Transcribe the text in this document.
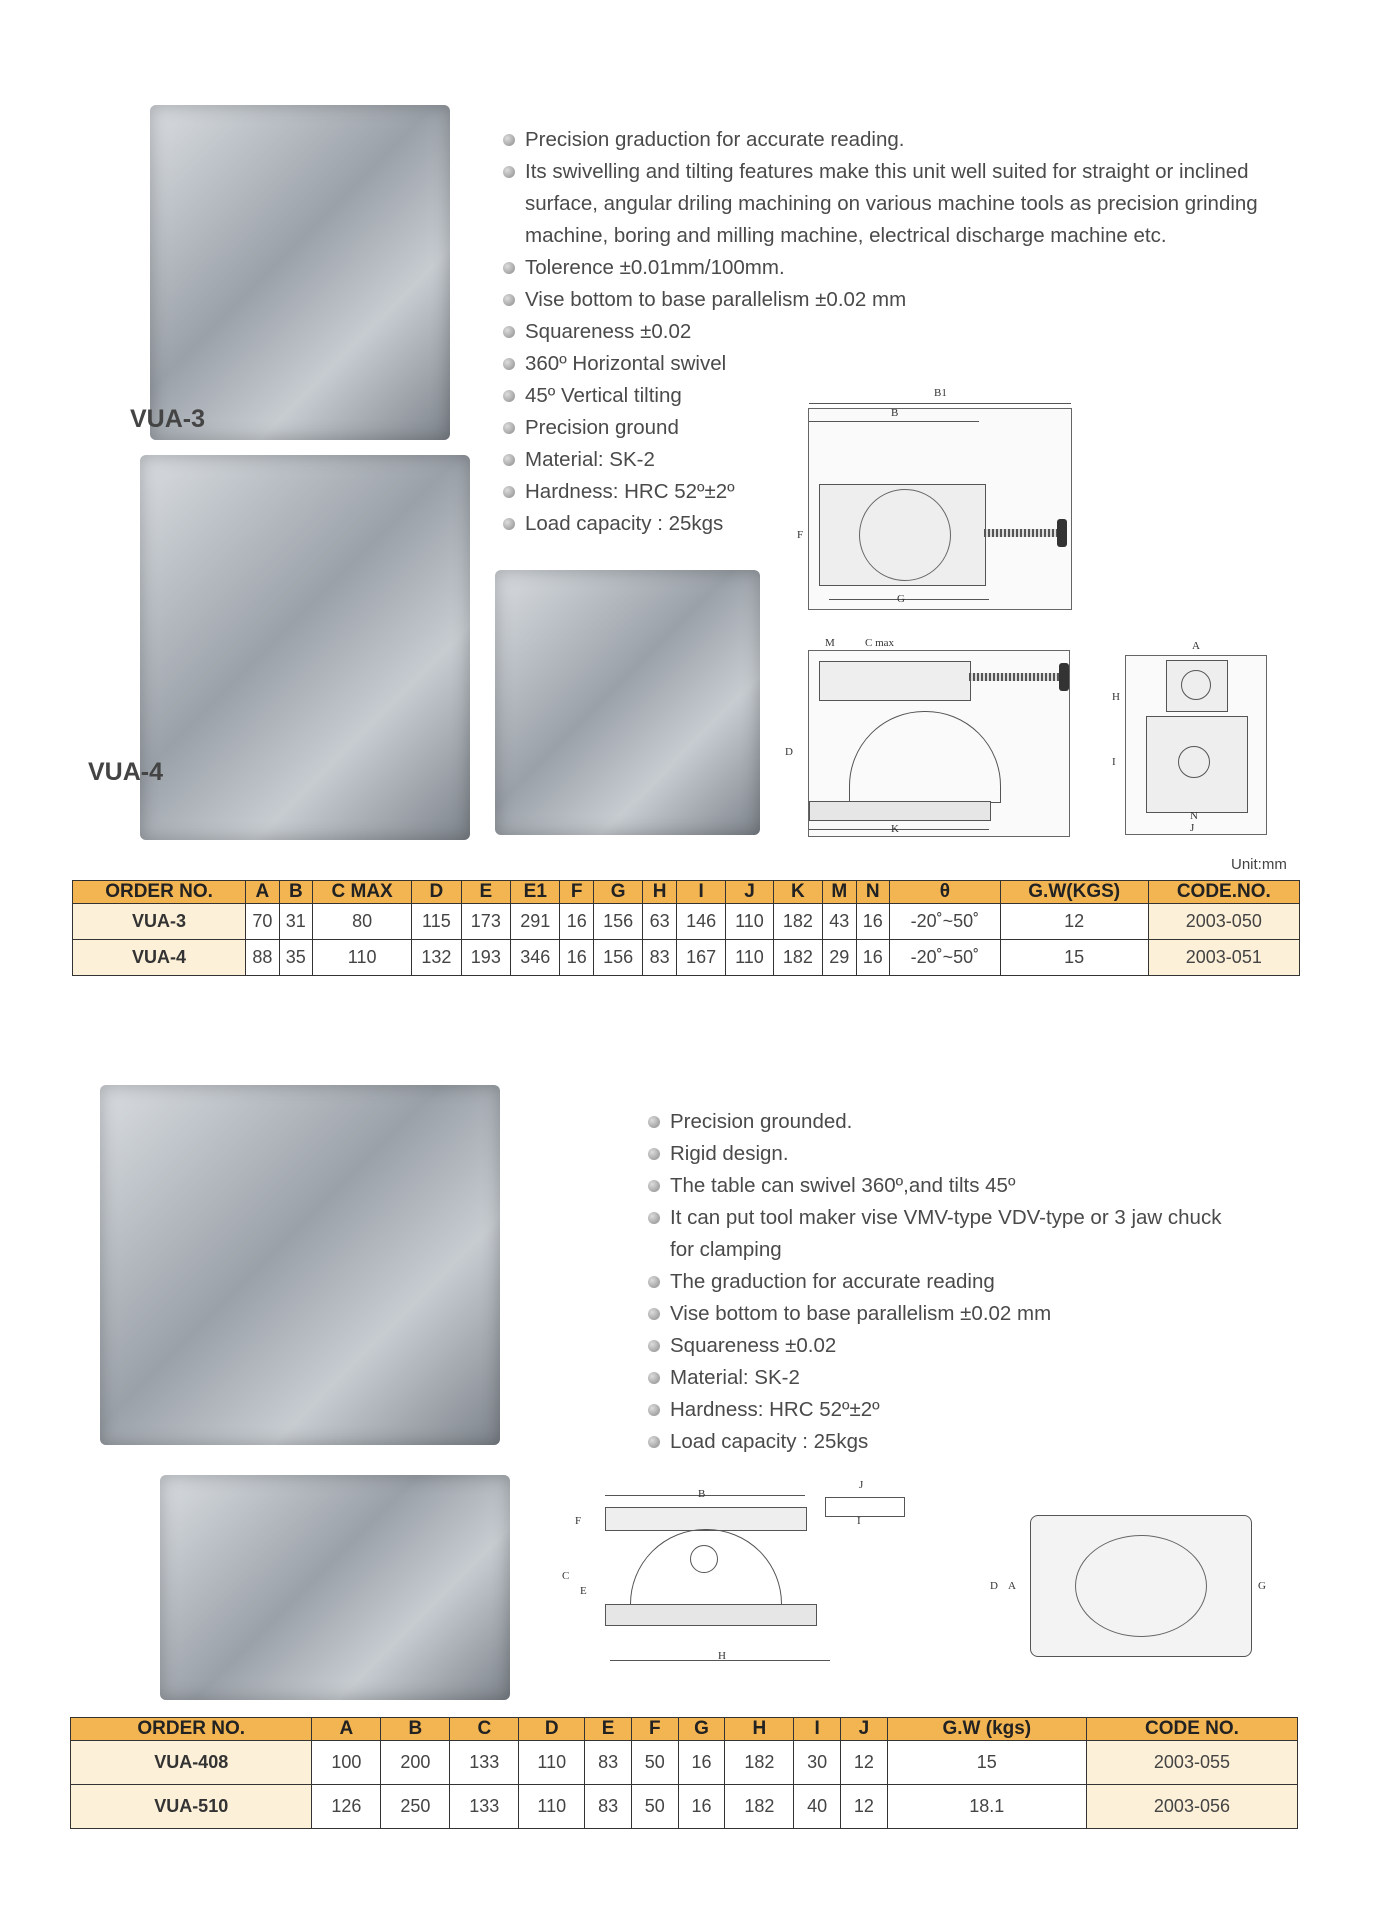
VUA-3
VUA-4
Precision graduction for accurate reading.
Its swivelling and tilting features make this unit well suited for straight or inclined surface, angular driling machining on various machine tools as precision grinding machine, boring and milling machine, electrical discharge machine etc.
Tolerence ±0.01mm/100mm.
Vise bottom to base parallelism ±0.02 mm
Squareness ±0.02
360º Horizontal swivel
45º Vertical tilting
Precision ground
Material: SK-2
Hardness: HRC 52º±2º
Load capacity : 25kgs
B1
B
G
F
M	C max
D
K
A
H
I
N
J
Unit:mm
ORDER NO.	A	B	C MAX	D	E	E1	F	G	H	I	J	K	M	N	θ	G.W(KGS)	CODE.NO.
VUA-3	70	31	80	115	173	291	16	156	63	146	110	182	43	16	-20˚~50˚	12	2003-050
VUA-4	88	35	110	132	193	346	16	156	83	167	110	182	29	16	-20˚~50˚	15	2003-051
Precision grounded.
Rigid design.
The table can swivel 360º,and tilts 45º
It can put tool maker vise VMV-type VDV-type or 3 jaw chuck for clamping
The graduction for accurate reading
Vise bottom to base parallelism ±0.02 mm
Squareness ±0.02
Material: SK-2
Hardness: HRC 52º±2º
Load capacity : 25kgs
B
F
C
E
H
J
I
D A	G
ORDER NO.	A	B	C	D	E	F	G	H	I	J	G.W (kgs)	CODE NO.
VUA-408	100	200	133	110	83	50	16	182	30	12	15	2003-055
VUA-510	126	250	133	110	83	50	16	182	40	12	18.1	2003-056
